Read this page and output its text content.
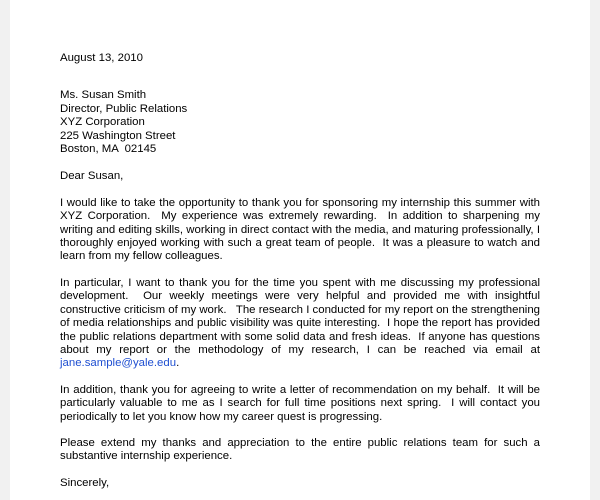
August 13, 2010
Ms. Susan Smith
Director, Public Relations
XYZ Corporation
225 Washington Street
Boston, MA  02145
Dear Susan,
I would like to take the opportunity to thank you for sponsoring my internship this summer with XYZ Corporation.  My experience was extremely rewarding.  In addition to sharpening my writing and editing skills, working in direct contact with the media, and maturing professionally, I thoroughly enjoyed working with such a great team of people.  It was a pleasure to watch and learn from my fellow colleagues.
In particular, I want to thank you for the time you spent with me discussing my professional development.  Our weekly meetings were very helpful and provided me with insightful constructive criticism of my work.   The research I conducted for my report on the strengthening of media relationships and public visibility was quite interesting.  I hope the report has provided the public relations department with some solid data and fresh ideas.  If anyone has questions about my report or the methodology of my research, I can be reached via email at jane.sample@yale.edu.
In addition, thank you for agreeing to write a letter of recommendation on my behalf.  It will be particularly valuable to me as I search for full time positions next spring.  I will contact you periodically to let you know how my career quest is progressing.
Please extend my thanks and appreciation to the entire public relations team for such a substantive internship experience.
Sincerely,
